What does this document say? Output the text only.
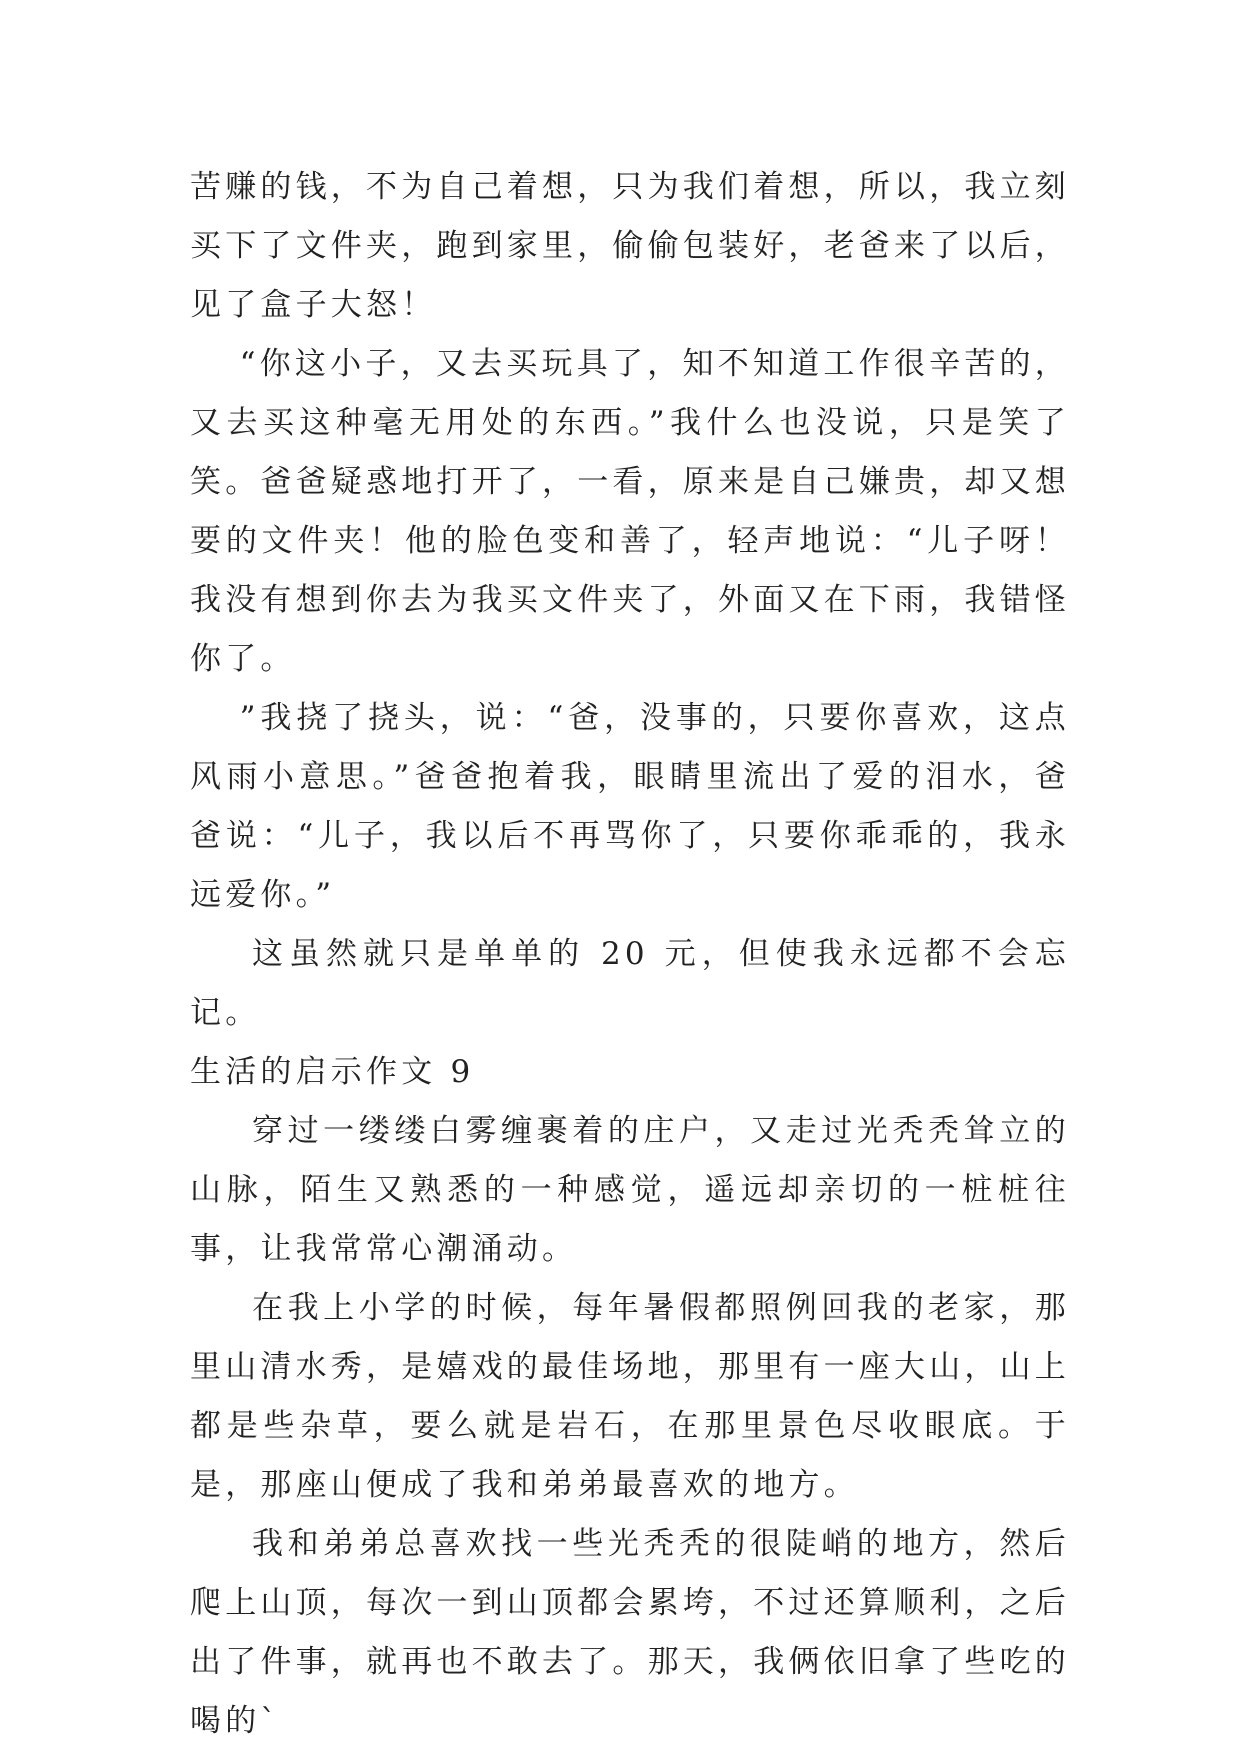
苦赚的钱，不为自己着想，只为我们着想，所以，我立刻买下了文件夹，跑到家里，偷偷包装好，老爸来了以后，见了盒子大怒！

“你这小子，又去买玩具了，知不知道工作很辛苦的，又去买这种毫无用处的东西。”我什么也没说，只是笑了笑。爸爸疑惑地打开了，一看，原来是自己嫌贵，却又想要的文件夹！他的脸色变和善了，轻声地说：“儿子呀！我没有想到你去为我买文件夹了，外面又在下雨，我错怪你了。

”我挠了挠头，说：“爸，没事的，只要你喜欢，这点风雨小意思。”爸爸抱着我，眼睛里流出了爱的泪水，爸爸说：“儿子，我以后不再骂你了，只要你乖乖的，我永远爱你。”

这虽然就只是单单的 20 元，但使我永远都不会忘记。

生活的启示作文 9

穿过一缕缕白雾缠裹着的庄户，又走过光秃秃耸立的山脉，陌生又熟悉的一种感觉，遥远却亲切的一桩桩往事，让我常常心潮涌动。

在我上小学的时候，每年暑假都照例回我的老家，那里山清水秀，是嬉戏的最佳场地，那里有一座大山，山上都是些杂草，要么就是岩石，在那里景色尽收眼底。于是，那座山便成了我和弟弟最喜欢的地方。

我和弟弟总喜欢找一些光秃秃的很陡峭的地方，然后爬上山顶，每次一到山顶都会累垮，不过还算顺利，之后出了件事，就再也不敢去了。那天，我俩依旧拿了些吃的喝的`
